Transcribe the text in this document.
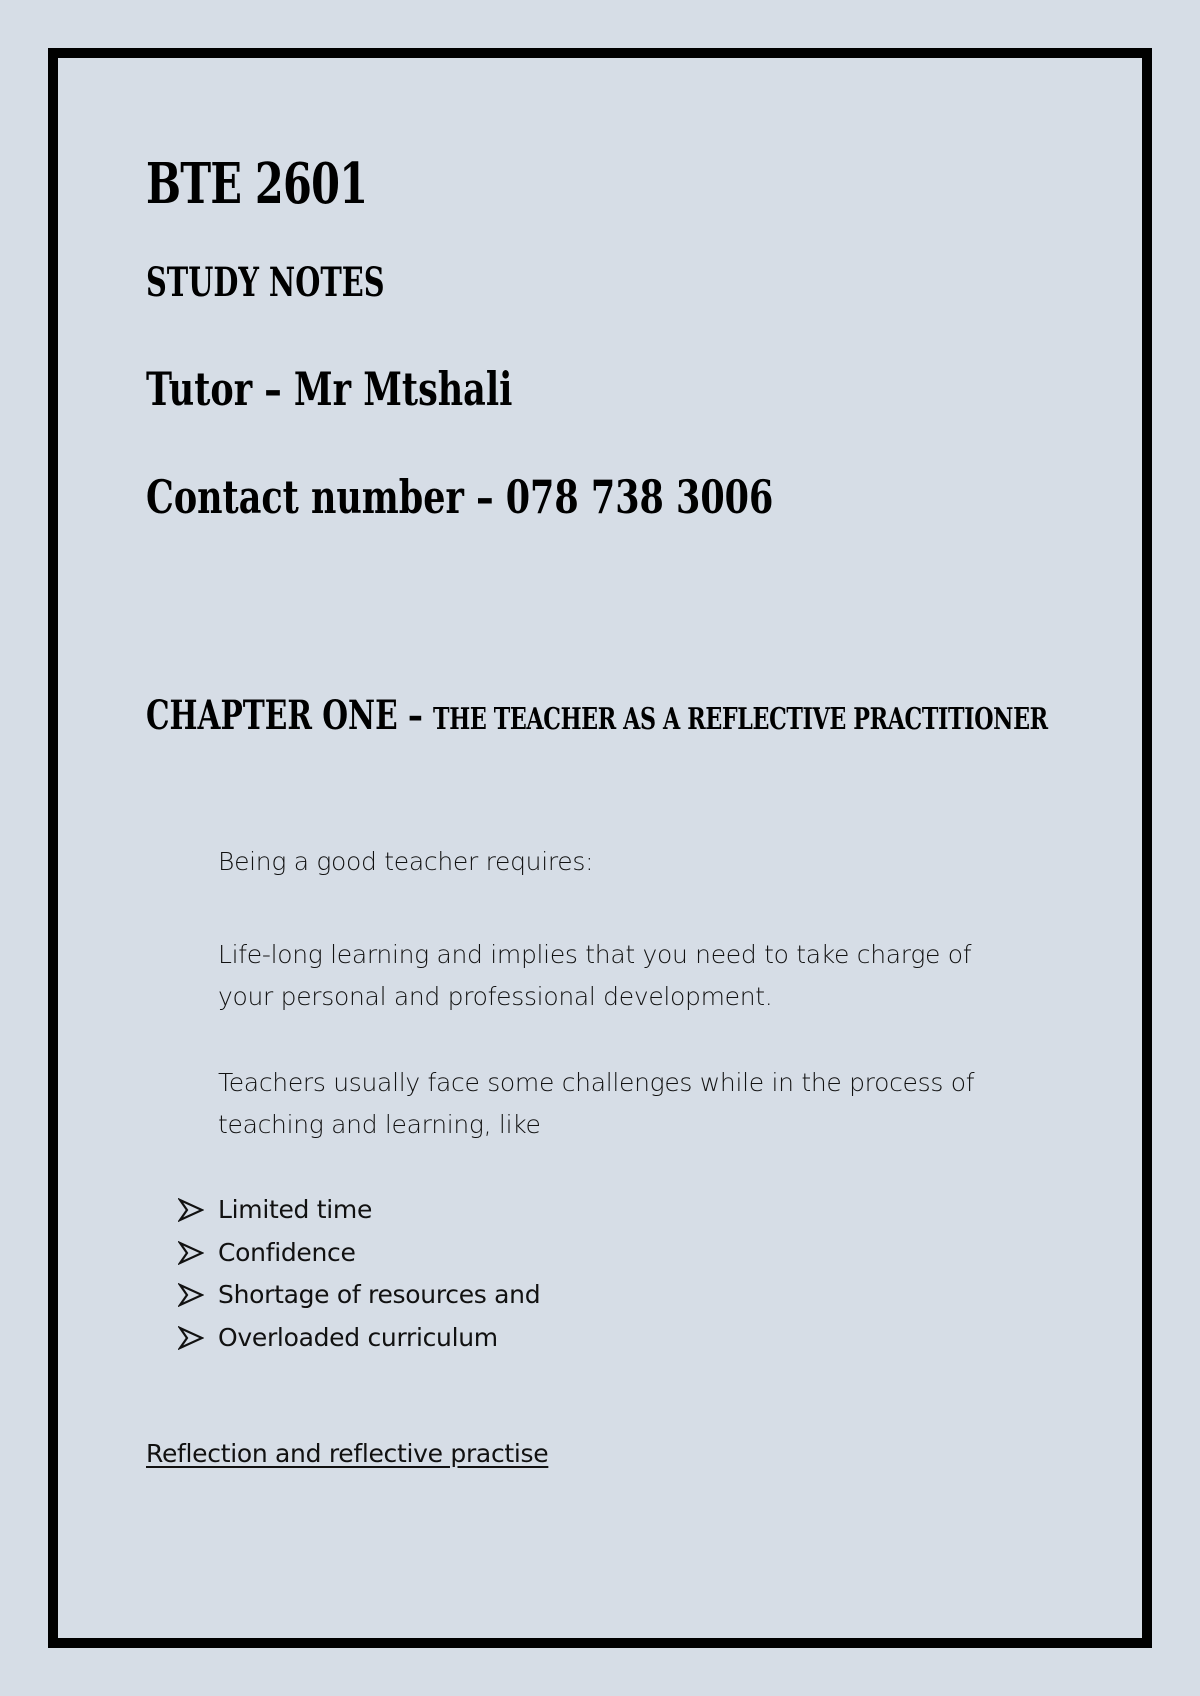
BTE 2601
STUDY NOTES
Tutor – Mr Mtshali
Contact number – 078 738 3006
CHAPTER ONE – THE TEACHER AS A REFLECTIVE PRACTITIONER

Being a good teacher requires:

Life-long learning and implies that you need to take charge of your personal and professional development.

Teachers usually face some challenges while in the process of teaching and learning, like

Limited time
Confidence
Shortage of resources and
Overloaded curriculum

Reflection and reflective practise
